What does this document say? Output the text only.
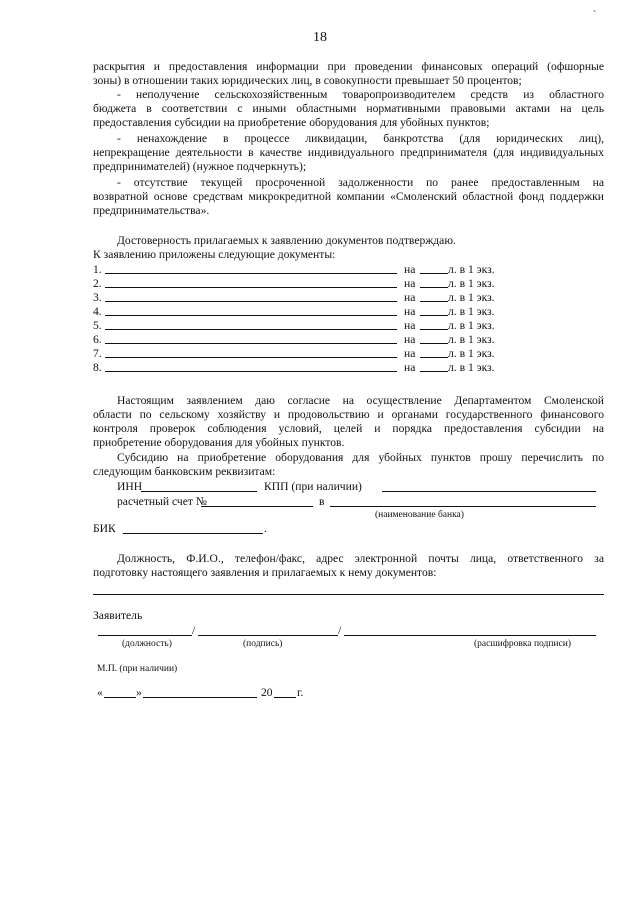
`
18
раскрытия и предоставления информации при проведении финансовых операций (офшорные
зоны) в отношении таких юридических лиц, в совокупности превышает 50 процентов;
- неполучение сельскохозяйственным товаропроизводителем средств из областного
бюджета в соответствии с иными областными нормативными правовыми актами на цель
предоставления субсидии на приобретение оборудования для убойных пунктов;
- ненахождение в процессе ликвидации, банкротства (для юридических лиц),
непрекращение деятельности в качестве индивидуального предпринимателя (для индивидуальных
предпринимателей) (нужное подчеркнуть);
- отсутствие текущей просроченной задолженности по ранее предоставленным на
возвратной основе средствам микрокредитной компании «Смоленский областной фонд поддержки
предпринимательства».
Достоверность прилагаемых к заявлению документов подтверждаю.
К заявлению приложены следующие документы:
1.	на	л. в 1 экз.
2.	на	л. в 1 экз.
3.	на	л. в 1 экз.
4.	на	л. в 1 экз.
5.	на	л. в 1 экз.
6.	на	л. в 1 экз.
7.	на	л. в 1 экз.
8.	на	л. в 1 экз.
Настоящим заявлением даю согласие на осуществление Департаментом Смоленской
области по сельскому хозяйству и продовольствию и органами государственного финансового
контроля проверок соблюдения условий, целей и порядка предоставления субсидии на
приобретение оборудования для убойных пунктов.
Субсидию на приобретение оборудования для убойных пунктов прошу перечислить по
следующим банковским реквизитам:
ИНН	КПП (при наличии)
расчетный счет №	в
(наименование банка)
БИК	.
Должность, Ф.И.О., телефон/факс, адрес электронной почты лица, ответственного за
подготовку настоящего заявления и прилагаемых к нему документов:
Заявитель
/	/
(должность)	(подпись)	(расшифровка подписи)
М.П. (при наличии)
«	»	20 г.
